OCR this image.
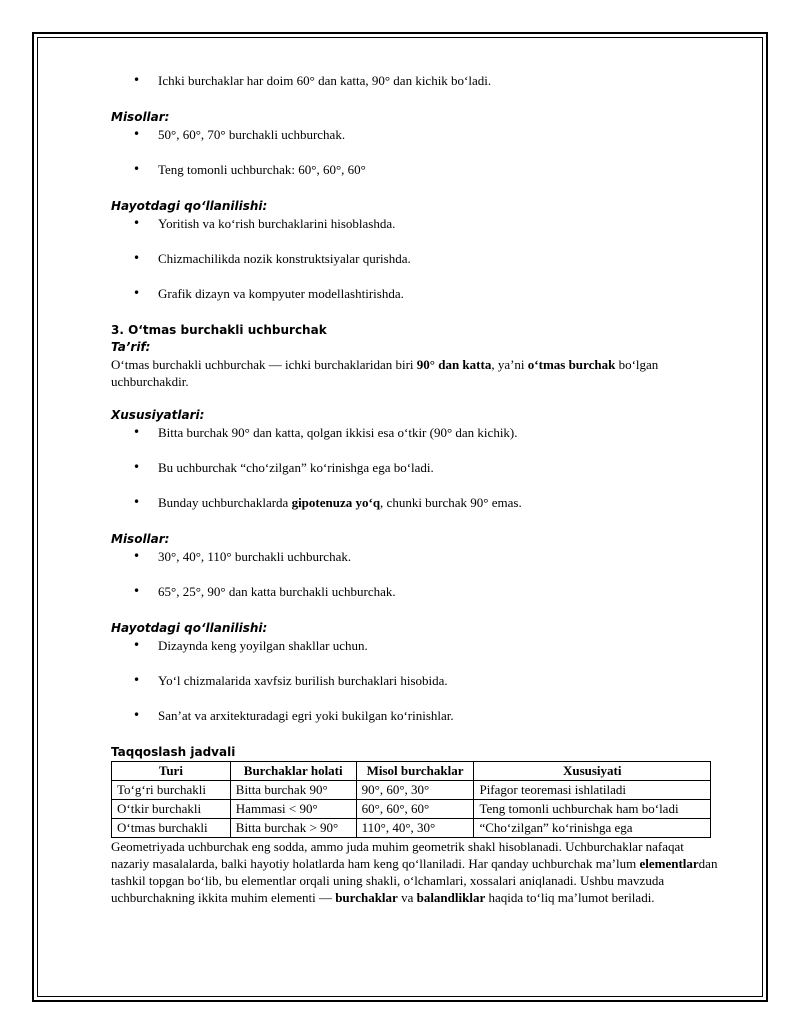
• Ichki burchaklar har doim 60° dan katta, 90° dan kichik bo‘ladi.

Misollar:

• 50°, 60°, 70° burchakli uchburchak.
• Teng tomonli uchburchak: 60°, 60°, 60°

Hayotdagi qo‘llanilishi:

• Yoritish va ko‘rish burchaklarini hisoblashda.
• Chizmachilikda nozik konstruktsiyalar qurishda.
• Grafik dizayn va kompyuter modellashtirishda.

3. O‘tmas burchakli uchburchak

Ta’rif:

O‘tmas burchakli uchburchak — ichki burchaklaridan biri 90° dan katta, ya’ni o‘tmas burchak bo‘lgan uchburchakdir.

Xususiyatlari:

• Bitta burchak 90° dan katta, qolgan ikkisi esa o‘tkir (90° dan kichik).
• Bu uchburchak “cho‘zilgan” ko‘rinishga ega bo‘ladi.
• Bunday uchburchaklarda gipotenuza yo‘q, chunki burchak 90° emas.

Misollar:

• 30°, 40°, 110° burchakli uchburchak.
• 65°, 25°, 90° dan katta burchakli uchburchak.

Hayotdagi qo‘llanilishi:

• Dizaynda keng yoyilgan shakllar uchun.
• Yo‘l chizmalarida xavfsiz burilish burchaklari hisobida.
• San’at va arxitekturadagi egri yoki bukilgan ko‘rinishlar.

Taqqoslash jadvali

Turi	Burchaklar holati	Misol burchaklar	Xususiyati
To‘g‘ri burchakli	Bitta burchak 90°	90°, 60°, 30°	Pifagor teoremasi ishlatiladi
O‘tkir burchakli	Hammasi < 90°	60°, 60°, 60°	Teng tomonli uchburchak ham bo‘ladi
O‘tmas burchakli	Bitta burchak > 90°	110°, 40°, 30°	“Cho‘zilgan” ko‘rinishga ega

Geometriyada uchburchak eng sodda, ammo juda muhim geometrik shakl hisoblanadi. Uchburchaklar nafaqat nazariy masalalarda, balki hayotiy holatlarda ham keng qo‘llaniladi. Har qanday uchburchak ma’lum elementlardan tashkil topgan bo‘lib, bu elementlar orqali uning shakli, o‘lchamlari, xossalari aniqlanadi. Ushbu mavzuda uchburchakning ikkita muhim elementi — burchaklar va balandliklar haqida to‘liq ma’lumot beriladi.
